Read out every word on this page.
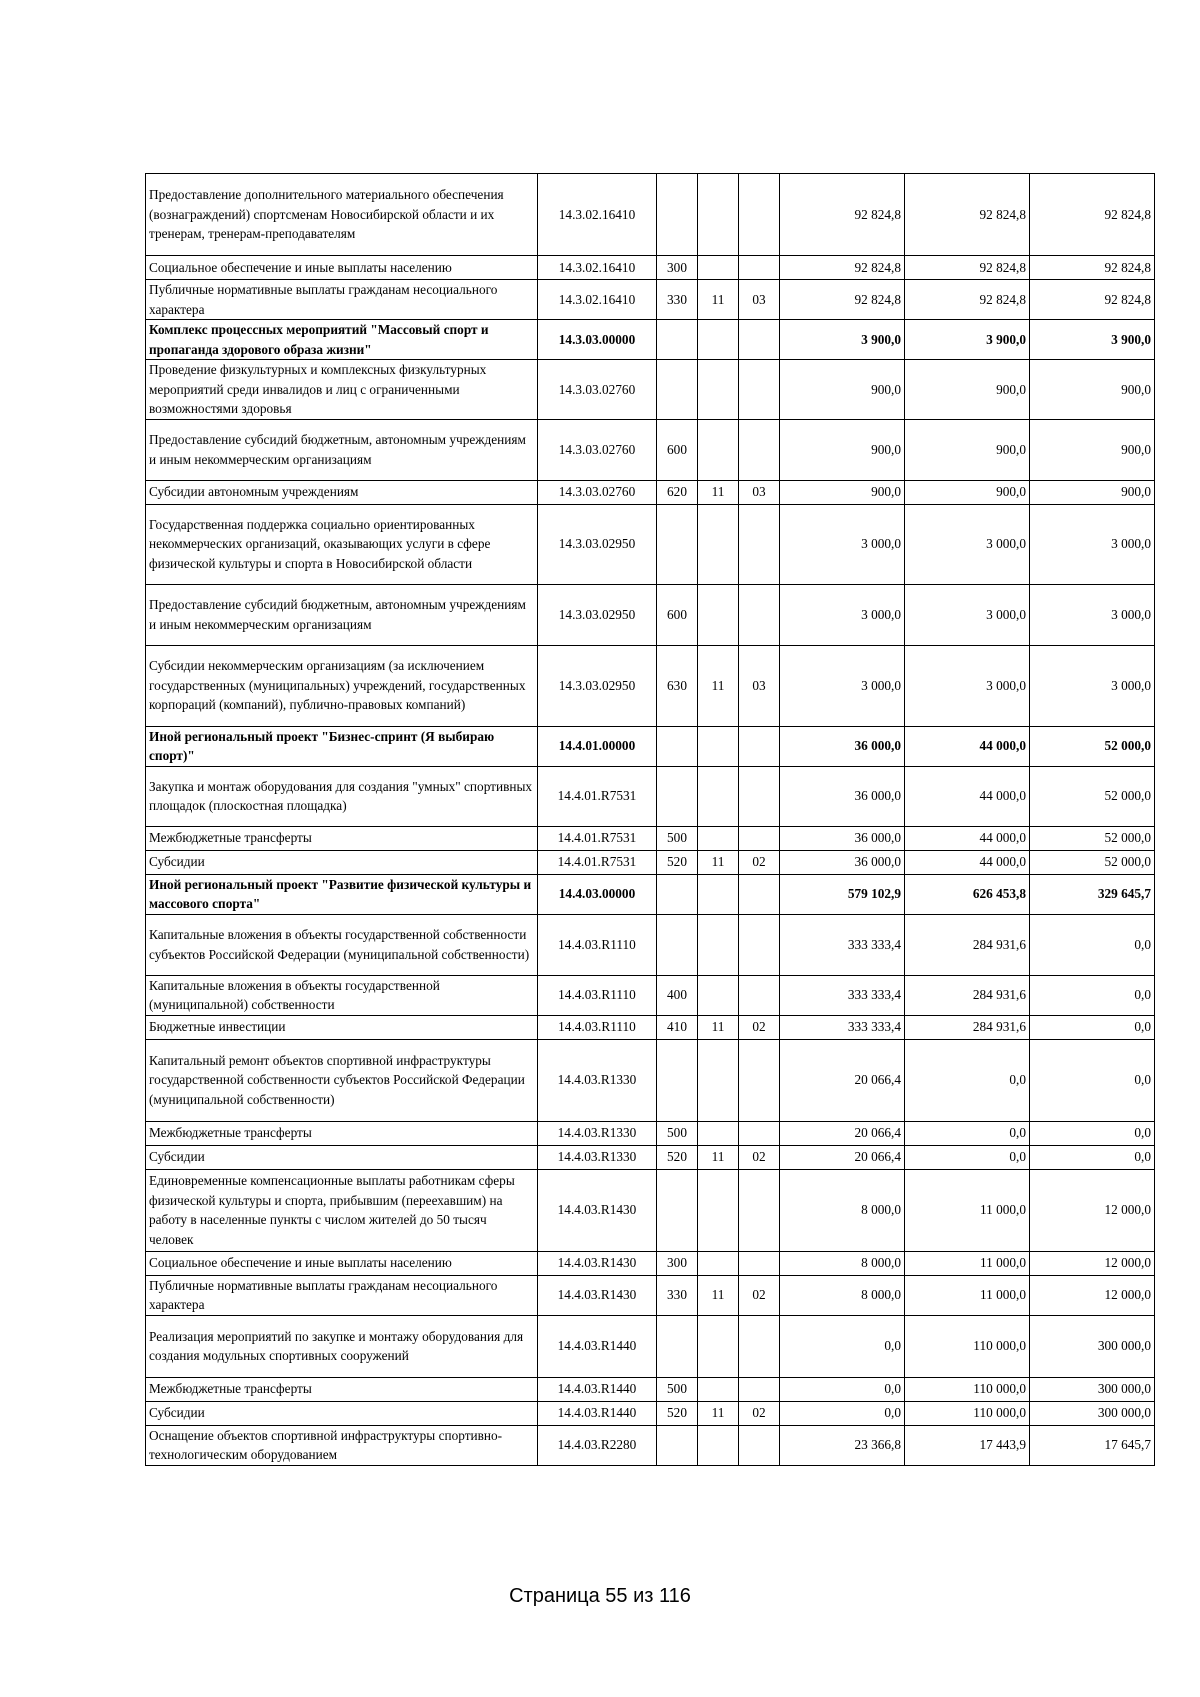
Предоставление дополнительного материального обеспечения (вознаграждений) спортсменам Новосибирской области и их тренерам, тренерам-преподавателям	14.3.02.16410				92 824,8	92 824,8	92 824,8
Социальное обеспечение и иные выплаты населению	14.3.02.16410	300			92 824,8	92 824,8	92 824,8
Публичные нормативные выплаты гражданам несоциального характера	14.3.02.16410	330	11	03	92 824,8	92 824,8	92 824,8
Комплекс процессных мероприятий "Массовый спорт и пропаганда здорового образа жизни"	14.3.03.00000				3 900,0	3 900,0	3 900,0
Проведение физкультурных и комплексных физкультурных мероприятий среди инвалидов и лиц с ограниченными возможностями здоровья	14.3.03.02760				900,0	900,0	900,0
Предоставление субсидий бюджетным, автономным учреждениям и иным некоммерческим организациям	14.3.03.02760	600			900,0	900,0	900,0
Субсидии автономным учреждениям	14.3.03.02760	620	11	03	900,0	900,0	900,0
Государственная поддержка социально ориентированных некоммерческих организаций, оказывающих услуги в сфере физической культуры и спорта в Новосибирской области	14.3.03.02950				3 000,0	3 000,0	3 000,0
Предоставление субсидий бюджетным, автономным учреждениям и иным некоммерческим организациям	14.3.03.02950	600			3 000,0	3 000,0	3 000,0
Субсидии некоммерческим организациям (за исключением государственных (муниципальных) учреждений, государственных корпораций (компаний), публично-правовых компаний)	14.3.03.02950	630	11	03	3 000,0	3 000,0	3 000,0
Иной региональный проект "Бизнес-спринт (Я выбираю спорт)"	14.4.01.00000				36 000,0	44 000,0	52 000,0
Закупка и монтаж оборудования для создания "умных" спортивных площадок (плоскостная площадка)	14.4.01.R7531				36 000,0	44 000,0	52 000,0
Межбюджетные трансферты	14.4.01.R7531	500			36 000,0	44 000,0	52 000,0
Субсидии	14.4.01.R7531	520	11	02	36 000,0	44 000,0	52 000,0
Иной региональный проект "Развитие физической культуры и массового спорта"	14.4.03.00000				579 102,9	626 453,8	329 645,7
Капитальные вложения в объекты государственной собственности субъектов Российской Федерации (муниципальной собственности)	14.4.03.R1110				333 333,4	284 931,6	0,0
Капитальные вложения в объекты государственной (муниципальной) собственности	14.4.03.R1110	400			333 333,4	284 931,6	0,0
Бюджетные инвестиции	14.4.03.R1110	410	11	02	333 333,4	284 931,6	0,0
Капитальный ремонт объектов спортивной инфраструктуры государственной собственности субъектов Российской Федерации (муниципальной собственности)	14.4.03.R1330				20 066,4	0,0	0,0
Межбюджетные трансферты	14.4.03.R1330	500			20 066,4	0,0	0,0
Субсидии	14.4.03.R1330	520	11	02	20 066,4	0,0	0,0
Единовременные компенсационные выплаты работникам сферы физической культуры и спорта, прибывшим (переехавшим) на работу в населенные пункты с числом жителей до 50 тысяч человек	14.4.03.R1430				8 000,0	11 000,0	12 000,0
Социальное обеспечение и иные выплаты населению	14.4.03.R1430	300			8 000,0	11 000,0	12 000,0
Публичные нормативные выплаты гражданам несоциального характера	14.4.03.R1430	330	11	02	8 000,0	11 000,0	12 000,0
Реализация мероприятий по закупке и монтажу оборудования для создания модульных спортивных сооружений	14.4.03.R1440				0,0	110 000,0	300 000,0
Межбюджетные трансферты	14.4.03.R1440	500			0,0	110 000,0	300 000,0
Субсидии	14.4.03.R1440	520	11	02	0,0	110 000,0	300 000,0
Оснащение объектов спортивной инфраструктуры спортивно-технологическим оборудованием	14.4.03.R2280				23 366,8	17 443,9	17 645,7
Страница 55 из 116
